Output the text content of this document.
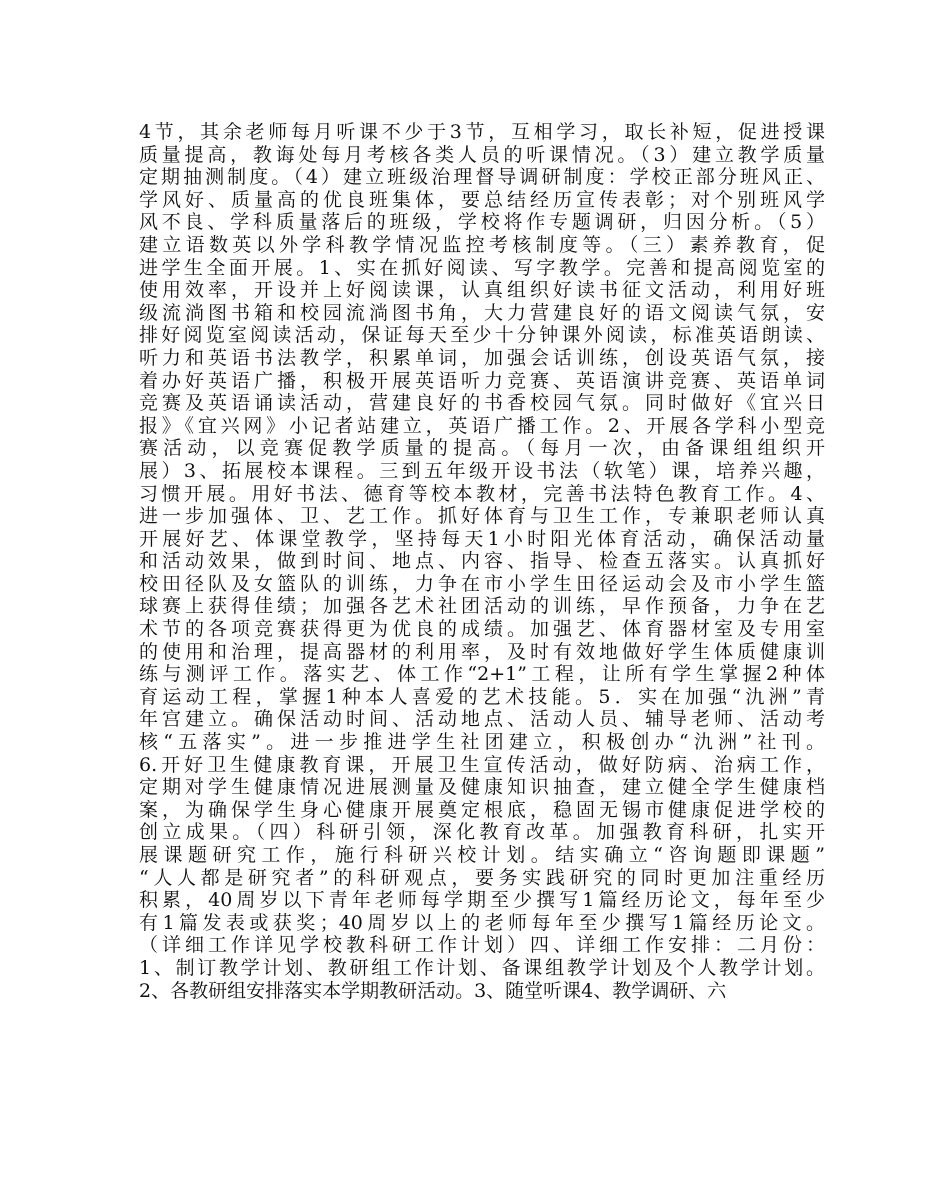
4节，其余老师每月听课不少于3节，互相学习，取长补短，促进授课
质量提高，教诲处每月考核各类人员的听课情况。（3）建立教学质量
定期抽测制度。（4）建立班级治理督导调研制度：学校正部分班风正、
学风好、质量高的优良班集体，要总结经历宣传表彰；对个别班风学
风不良、学科质量落后的班级，学校将作专题调研，归因分析。（5）
建立语数英以外学科教学情况监控考核制度等。（三）素养教育，促
进学生全面开展。1、实在抓好阅读、写字教学。完善和提高阅览室的
使用效率，开设并上好阅读课，认真组织好读书征文活动，利用好班
级流淌图书箱和校园流淌图书角，大力营建良好的语文阅读气氛，安
排好阅览室阅读活动，保证每天至少十分钟课外阅读，标准英语朗读、
听力和英语书法教学，积累单词，加强会话训练，创设英语气氛，接
着办好英语广播，积极开展英语听力竞赛、英语演讲竞赛、英语单词
竞赛及英语诵读活动，营建良好的书香校园气氛。同时做好《宜兴日
报》《宜兴网》小记者站建立，英语广播工作。2、开展各学科小型竞
赛活动，以竞赛促教学质量的提高。（每月一次，由备课组组织开
展）3、拓展校本课程。三到五年级开设书法（软笔）课，培养兴趣，
习惯开展。用好书法、德育等校本教材，完善书法特色教育工作。4、
进一步加强体、卫、艺工作。抓好体育与卫生工作，专兼职老师认真
开展好艺、体课堂教学，坚持每天1小时阳光体育活动，确保活动量
和活动效果，做到时间、地点、内容、指导、检查五落实。认真抓好
校田径队及女篮队的训练，力争在市小学生田径运动会及市小学生篮
球赛上获得佳绩；加强各艺术社团活动的训练，早作预备，力争在艺
术节的各项竞赛获得更为优良的成绩。加强艺、体育器材室及专用室
的使用和治理，提高器材的利用率，及时有效地做好学生体质健康训
练与测评工作。落实艺、体工作“2+1”工程，让所有学生掌握2种体
育运动工程，掌握1种本人喜爱的艺术技能。5．实在加强“氿洲”青
年宫建立。确保活动时间、活动地点、活动人员、辅导老师、活动考
核“五落实”。进一步推进学生社团建立，积极创办“氿洲”社刊。
6.开好卫生健康教育课，开展卫生宣传活动，做好防病、治病工作，
定期对学生健康情况进展测量及健康知识抽查，建立健全学生健康档
案，为确保学生身心健康开展奠定根底，稳固无锡市健康促进学校的
创立成果。（四）科研引领，深化教育改革。加强教育科研，扎实开
展课题研究工作，施行科研兴校计划。结实确立“咨询题即课题”
“人人都是研究者”的科研观点，要务实践研究的同时更加注重经历
积累，40周岁以下青年老师每学期至少撰写1篇经历论文，每年至少
有1篇发表或获奖；40周岁以上的老师每年至少撰写1篇经历论文。
（详细工作详见学校教科研工作计划）四、详细工作安排：二月份：
1、制订教学计划、教研组工作计划、备课组教学计划及个人教学计划。
2、各教研组安排落实本学期教研活动。3、随堂听课4、教学调研、六
